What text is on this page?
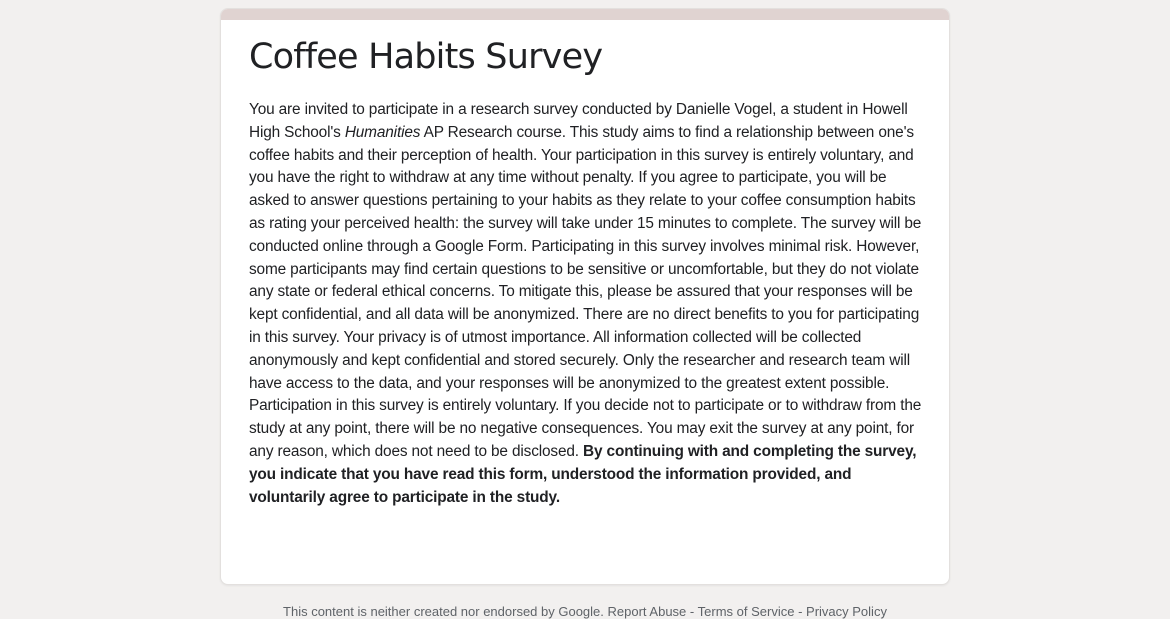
Coffee Habits Survey

You are invited to participate in a research survey conducted by Danielle Vogel, a student in Howell High School's Humanities AP Research course. This study aims to find a relationship between one's coffee habits and their perception of health. Your participation in this survey is entirely voluntary, and you have the right to withdraw at any time without penalty. If you agree to participate, you will be asked to answer questions pertaining to your habits as they relate to your coffee consumption habits as rating your perceived health: the survey will take under 15 minutes to complete. The survey will be conducted online through a Google Form. Participating in this survey involves minimal risk. However, some participants may find certain questions to be sensitive or uncomfortable, but they do not violate any state or federal ethical concerns. To mitigate this, please be assured that your responses will be kept confidential, and all data will be anonymized. There are no direct benefits to you for participating in this survey. Your privacy is of utmost importance. All information collected will be collected anonymously and kept confidential and stored securely. Only the researcher and research team will have access to the data, and your responses will be anonymized to the greatest extent possible. Participation in this survey is entirely voluntary. If you decide not to participate or to withdraw from the study at any point, there will be no negative consequences. You may exit the survey at any point, for any reason, which does not need to be disclosed. By continuing with and completing the survey, you indicate that you have read this form, understood the information provided, and voluntarily agree to participate in the study.

This content is neither created nor endorsed by Google. Report Abuse - Terms of Service - Privacy Policy
